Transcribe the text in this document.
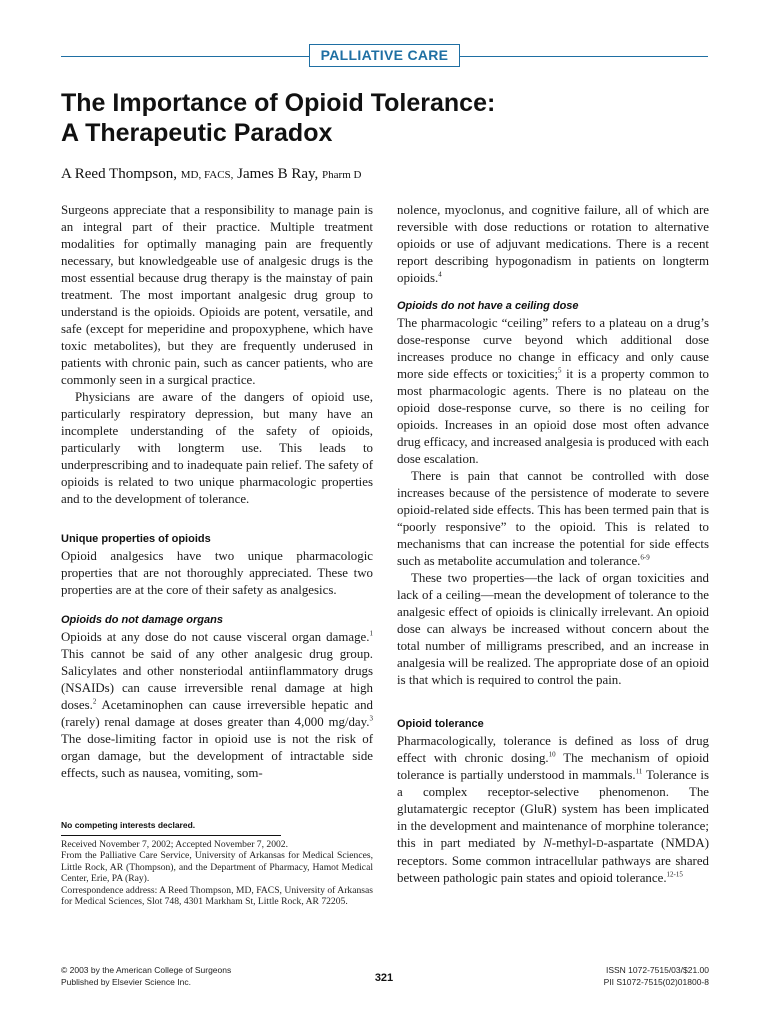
PALLIATIVE CARE
The Importance of Opioid Tolerance:
A Therapeutic Paradox
A Reed Thompson, MD, FACS, James B Ray, Pharm D

Surgeons appreciate that a responsibility to manage pain is an integral part of their practice. Multiple treatment modalities for optimally managing pain are frequently necessary, but knowledgeable use of analgesic drugs is the most essential because drug therapy is the mainstay of pain treatment. The most important analgesic drug group to understand is the opioids. Opioids are potent, versatile, and safe (except for meperidine and propoxyphene, which have toxic metabolites), but they are frequently underused in patients with chronic pain, such as cancer patients, who are commonly seen in a surgical practice.

Physicians are aware of the dangers of opioid use, particularly respiratory depression, but many have an incomplete understanding of the safety of opioids, particularly with longterm use. This leads to underprescribing and to inadequate pain relief. The safety of opioids is related to two unique pharmacologic properties and to the development of tolerance.

Unique properties of opioids

Opioid analgesics have two unique pharmacologic properties that are not thoroughly appreciated. These two properties are at the core of their safety as analgesics.

Opioids do not damage organs

Opioids at any dose do not cause visceral organ damage.$^1$ This cannot be said of any other analgesic drug group. Salicylates and other nonsteriodal antiinflammatory drugs (NSAIDs) can cause irreversible renal damage at high doses.$^2$ Acetaminophen can cause irreversible hepatic and (rarely) renal damage at doses greater than 4,000 mg/day.$^3$ The dose-limiting factor in opioid use is not the risk of organ damage, but the development of intractable side effects, such as nausea, vomiting, som-

nolence, myoclonus, and cognitive failure, all of which are reversible with dose reductions or rotation to alternative opioids or use of adjuvant medications. There is a recent report describing hypogonadism in patients on longterm opioids.$^4$

Opioids do not have a ceiling dose

The pharmacologic “ceiling” refers to a plateau on a drug’s dose-response curve beyond which additional dose increases produce no change in efficacy and only cause more side effects or toxicities;$^5$ it is a property common to most pharmacologic agents. There is no plateau on the opioid dose-response curve, so there is no ceiling for opioids. Increases in an opioid dose most often advance drug efficacy, and increased analgesia is produced with each dose escalation.

There is pain that cannot be controlled with dose increases because of the persistence of moderate to severe opioid-related side effects. This has been termed pain that is “poorly responsive” to the opioid. This is related to mechanisms that can increase the potential for side effects such as metabolite accumulation and tolerance.$^{6-9}$

These two properties—the lack of organ toxicities and lack of a ceiling—mean the development of tolerance to the analgesic effect of opioids is clinically irrelevant. An opioid dose can always be increased without concern about the total number of milligrams prescribed, and an increase in analgesia will be realized. The appropriate dose of an opioid is that which is required to control the pain.

Opioid tolerance

Pharmacologically, tolerance is defined as loss of drug effect with chronic dosing.$^{10}$ The mechanism of opioid tolerance is partially understood in mammals.$^{11}$ Tolerance is a complex receptor-selective phenomenon. The glutamatergic receptor (GluR) system has been implicated in the development and maintenance of morphine tolerance; this in part mediated by N-methyl-D-aspartate (NMDA) receptors. Some common intracellular pathways are shared between pathologic pain states and opioid tolerance.$^{12-15}$

No competing interests declared.

Received November 7, 2002; Accepted November 7, 2002.

From the Palliative Care Service, University of Arkansas for Medical Sciences, Little Rock, AR (Thompson), and the Department of Pharmacy, Hamot Medical Center, Erie, PA (Ray).

Correspondence address: A Reed Thompson, MD, FACS, University of Arkansas for Medical Sciences, Slot 748, 4301 Markham St, Little Rock, AR 72205.

© 2003 by the American College of Surgeons
Published by Elsevier Science Inc.	321
ISSN 1072-7515/03/$21.00
PII S1072-7515(02)01800-8
